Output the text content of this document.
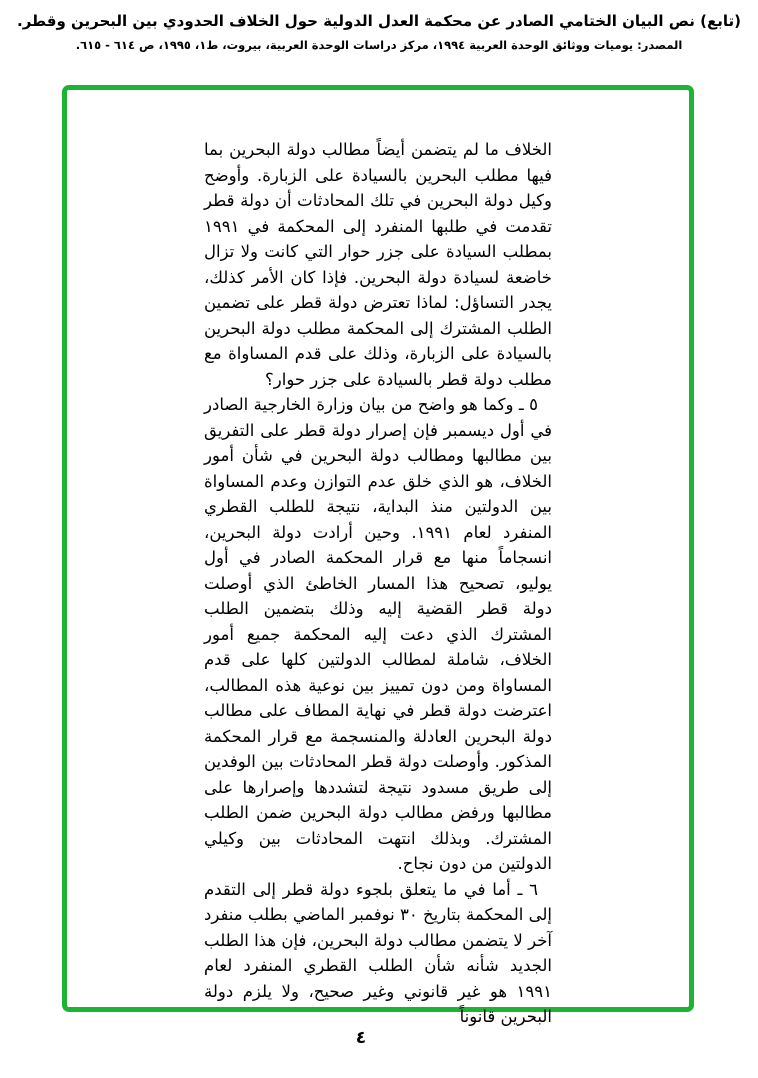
(تابع) نص البيان الختامي الصادر عن محكمة العدل الدولية حول الخلاف الحدودي بين البحرين وقطر.
المصدر: يوميات ووثائق الوحدة العربية ١٩٩٤، مركز دراسات الوحدة العربية، بيروت، ط١، ١٩٩٥، ص ٦١٤ - ٦١٥.

الخلاف ما لم يتضمن أيضاً مطالب دولة البحرين بما فيها مطلب البحرين بالسيادة على الزبارة. وأوضح وكيل دولة البحرين في تلك المحادثات أن دولة قطر تقدمت في طلبها المنفرد إلى المحكمة في ١٩٩١ بمطلب السيادة على جزر حوار التي كانت ولا تزال خاضعة لسيادة دولة البحرين. فإذا كان الأمر كذلك، يجدر التساؤل: لماذا تعترض دولة قطر على تضمين الطلب المشترك إلى المحكمة مطلب دولة البحرين بالسيادة على الزبارة، وذلك على قدم المساواة مع مطلب دولة قطر بالسيادة على جزر حوار؟

٥ ـ وكما هو واضح من بيان وزارة الخارجية الصادر في أول ديسمبر فإن إصرار دولة قطر على التفريق بين مطالبها ومطالب دولة البحرين في شأن أمور الخلاف، هو الذي خلق عدم التوازن وعدم المساواة بين الدولتين منذ البداية، نتيجة للطلب القطري المنفرد لعام ١٩٩١. وحين أرادت دولة البحرين، انسجاماً منها مع قرار المحكمة الصادر في أول يوليو، تصحيح هذا المسار الخاطئ الذي أوصلت دولة قطر القضية إليه وذلك بتضمين الطلب المشترك الذي دعت إليه المحكمة جميع أمور الخلاف، شاملة لمطالب الدولتين كلها على قدم المساواة ومن دون تمييز بين نوعية هذه المطالب، اعترضت دولة قطر في نهاية المطاف على مطالب دولة البحرين العادلة والمنسجمة مع قرار المحكمة المذكور. وأوصلت دولة قطر المحادثات بين الوفدين إلى طريق مسدود نتيجة لتشددها وإصرارها على مطالبها ورفض مطالب دولة البحرين ضمن الطلب المشترك. وبذلك انتهت المحادثات بين وكيلي الدولتين من دون نجاح.

٦ ـ أما في ما يتعلق بلجوء دولة قطر إلى التقدم إلى المحكمة بتاريخ ٣٠ نوفمبر الماضي بطلب منفرد آخر لا يتضمن مطالب دولة البحرين، فإن هذا الطلب الجديد شأنه شأن الطلب القطري المنفرد لعام ١٩٩١ هو غير قانوني وغير صحيح، ولا يلزم دولة البحرين قانوناً

٤
